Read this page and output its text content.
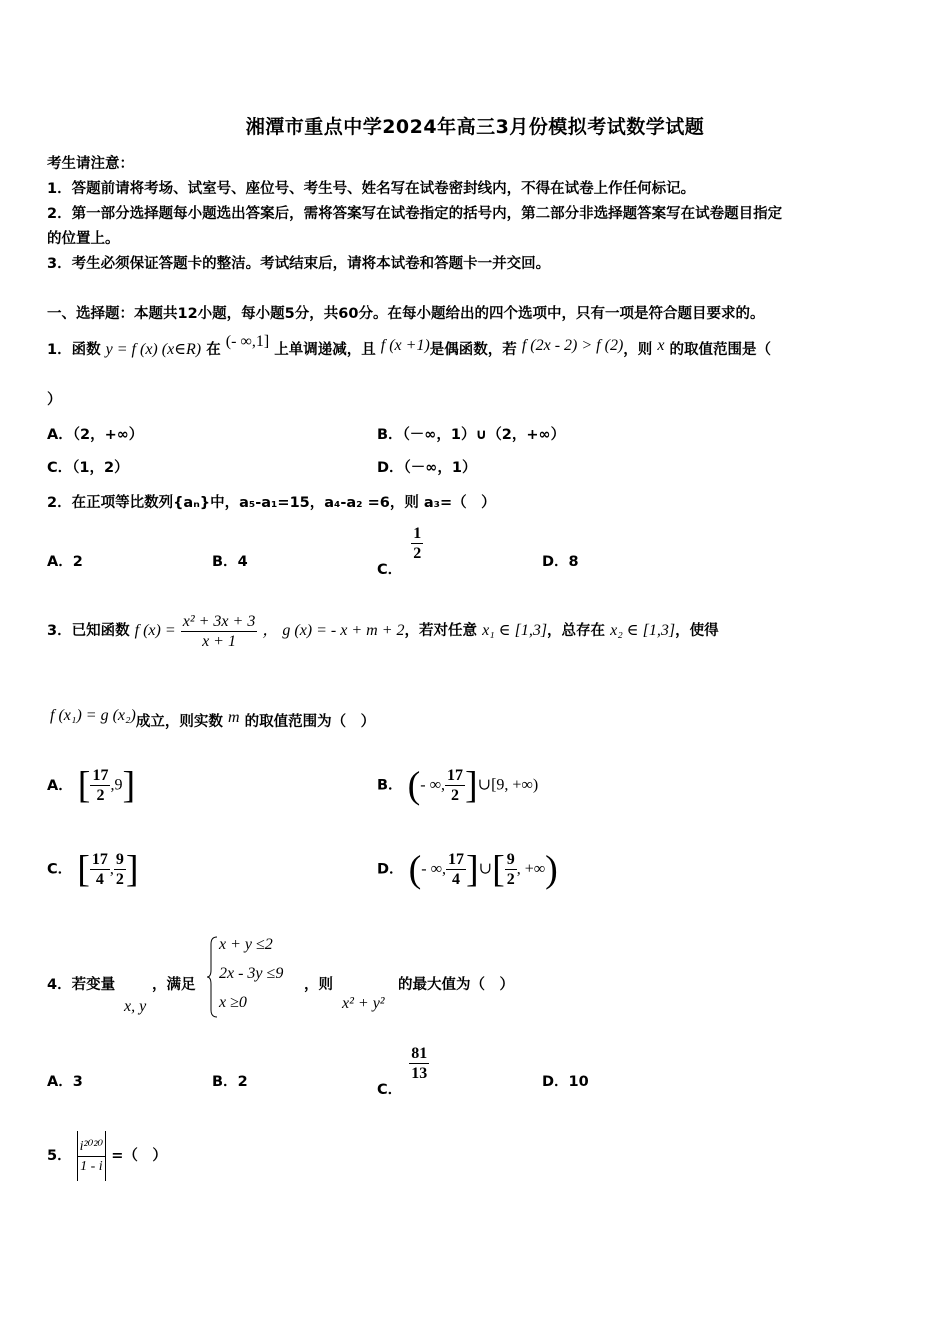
湘潭市重点中学2024年高三3月份模拟考试数学试题
考生请注意：
1．答题前请将考场、试室号、座位号、考生号、姓名写在试卷密封线内，不得在试卷上作任何标记。
2．第一部分选择题每小题选出答案后，需将答案写在试卷指定的括号内，第二部分非选择题答案写在试卷题目指定
的位置上。
3．考生必须保证答题卡的整洁。考试结束后，请将本试卷和答题卡一并交回。
一、选择题：本题共12小题，每小题5分，共60分。在每小题给出的四个选项中，只有一项是符合题目要求的。
1．函数 y = f (x) (x∈R) 在 (- ∞,1] 上单调递减，且 f (x +1)是偶函数，若 f (2x - 2) > f (2)，则 x 的取值范围是（
）
A．（2，+∞）	B．（－∞，1）∪（2，+∞）
C．（1，2）	D．（－∞，1）
2．在正项等比数列{aₙ}中，a₅-a₁=15，a₄-a₂ =6，则 a₃=（　）
A．2	B．4	C．
$\frac{1}{2}$	D．8
3．已知函数 f $(x) = \frac{\text{x² + 3x + 3}}{x + 1}$ ， g (x) = - x + m + 2，若对任意 x₁ ∈ [1,3]，总存在 x₂ ∈ [1,3]，使得
f (x₁) = g (x₂)成立，则实数 m 的取值范围为（　）
A． [ $\frac{17}{2} ,9$]	B． (- ∞, $\frac{17}{2}$ ]∪[9, +∞)
C． [ $\frac{17}{4}$ , $\frac{9}{2}$ ]	D． (- ∞, $\frac{17}{4}$ ]∪[ $\frac{9}{2}$ , +∞)
4．若变量
x, y
，满足
x + y ≤2
2x - 3y ≤9
x ≥0
，则
x² + y²
的最大值为（　）
A．3	B．2	C．
$\frac{81}{13}$	D．10
5． $\frac{\text{i²⁰²⁰}}{1 - i}$ =（　）
